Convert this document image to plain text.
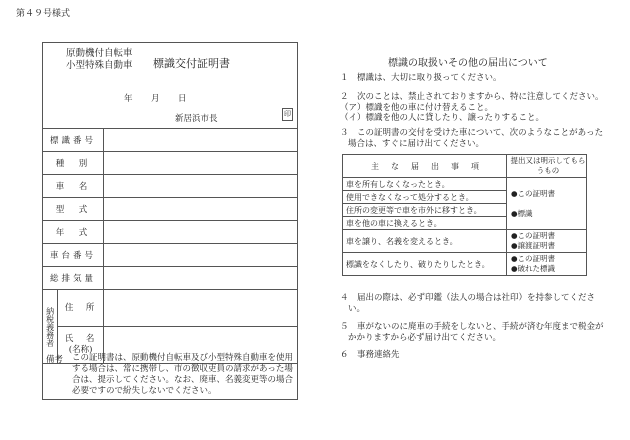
第４９号様式
原動機付自転車
小型特殊自動車 標識交付証明書
年 月 日
新居浜市長	印
標識番号		
種　別		
車　名		
型　式		
年　式		
車台番号		
総排気量		
納税義務者	住　所	

	氏　名
(名称)	

備考 この証明書は、原動機付自転車及び小型特殊自動車を使用する場合は、常に携帯し、市の徴収吏員の請求があった場合は、提示してください。なお、廃車、名義変更等の場合必要ですので紛失しないでください。
標識の取扱いその他の届出について
１　標識は、大切に取り扱ってください。
２　次のことは、禁止されておりますから、特に注意してください。
（ア）標識を他の車に付け替えること。
（イ）標識を他の人に貸したり、譲ったりすること。
３　この証明書の交付を受けた車について、次のようなことがあった
場合は、すぐに届け出てください。
主　な　届　出　事　項	提出又は明示してもらうもの
車を所有しなくなったとき。	●この証明書
●標識

使用できなくなって処分するとき。	
住所の変更等で車を市外に移すとき。	
車を他の車に換えるとき。	
車を譲り、名義を変えるとき。	●この証明書
●譲渡証明書

標識をなくしたり、破りたりしたとき。	●この証明書
●破れた標識
４　届出の際は、必ず印鑑（法人の場合は社印）を持参してくださ
い。
５　車がないのに廃車の手続をしないと、手続が済む年度まで税金が
かかりますから必ず届け出てください。
６　事務連絡先
